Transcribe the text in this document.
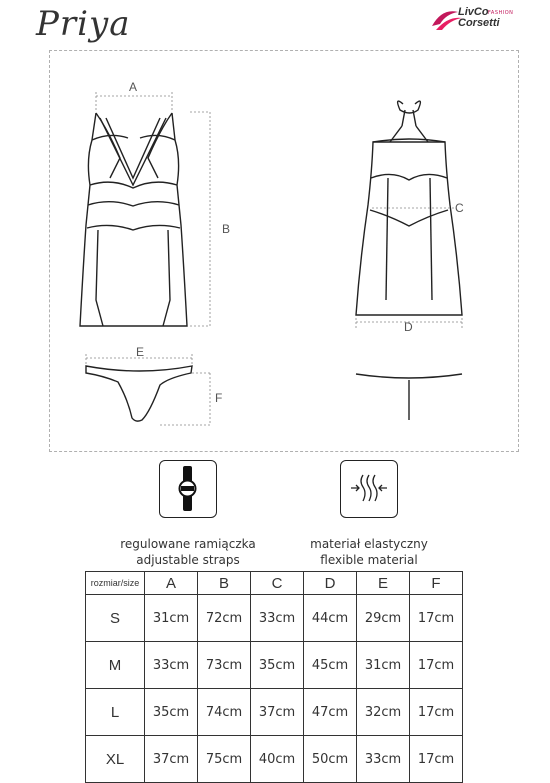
Priya	LivCo FASHION
Corsetti
A
B
C
D
E
F
regulowane ramiączka
adjustable straps
materiał elastyczny
flexible material
rozmiar/size	A	B	C	D	E	F
S	31cm	72cm	33cm	44cm	29cm	17cm
M	33cm	73cm	35cm	45cm	31cm	17cm
L	35cm	74cm	37cm	47cm	32cm	17cm
XL	37cm	75cm	40cm	50cm	33cm	17cm
